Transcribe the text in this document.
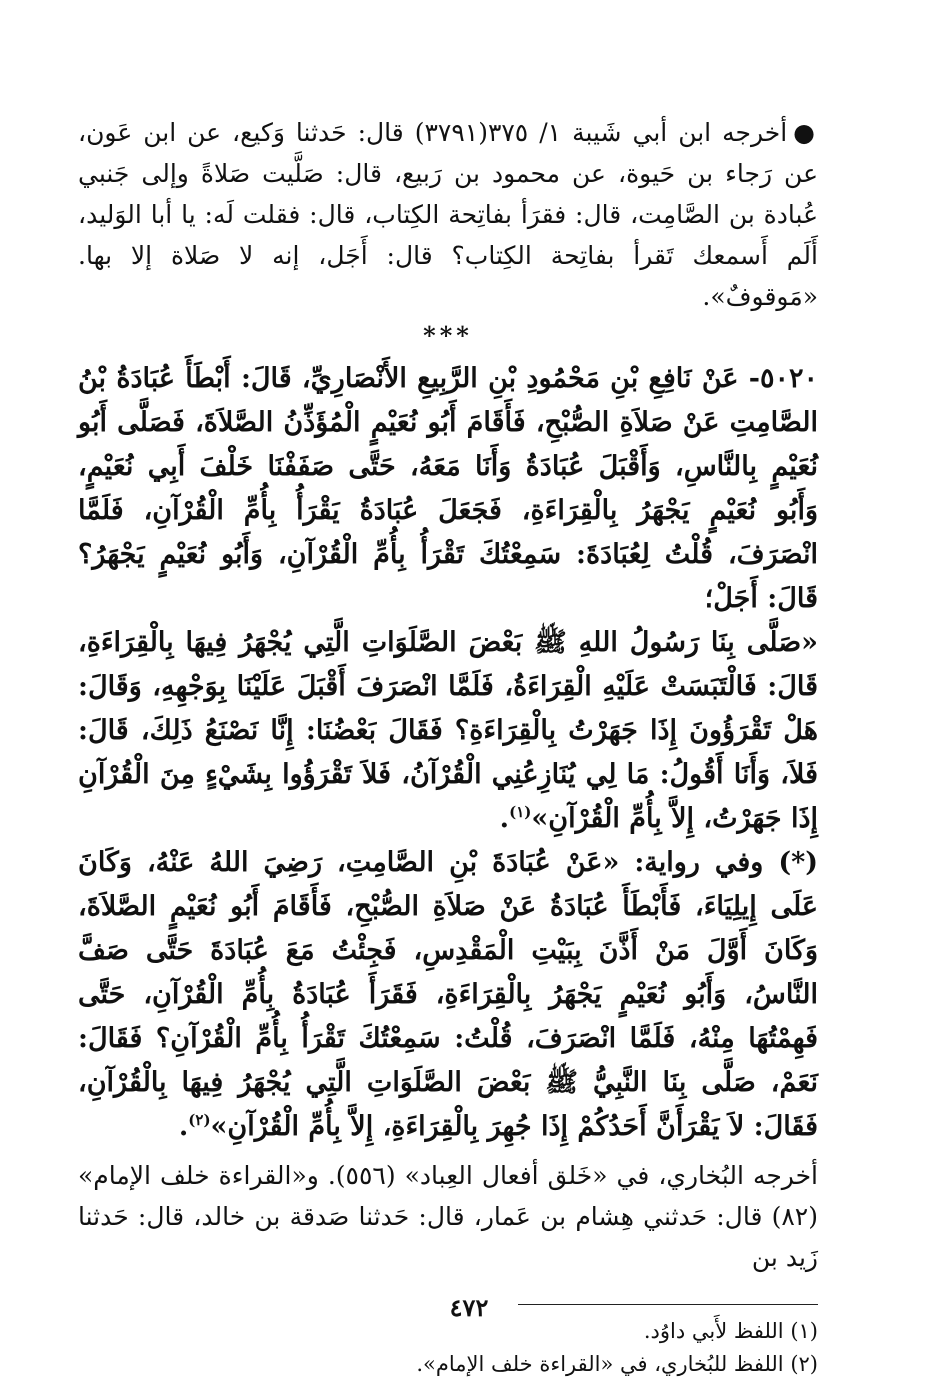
●أخرجه ابن أبي شَيبة ١/ ٣٧٥(٣٧٩١) قال: حَدثنا وَكيع، عن ابن عَون، عن رَجاء بن حَيوة، عن محمود بن رَبيع، قال: صَلَّيت صَلاةً وإلى جَنبي عُبادة بن الصَّامِت، قال: فقرَأ بفاتِحة الكِتاب، قال: فقلت لَه: يا أبا الوَليد، أَلَم أَسمعك تَقرأ بفاتِحة الكِتاب؟ قال: أَجَل، إنه لا صَلاة إلا بها. «مَوقوفٌ».

***

٥٠٢٠- عَنْ نَافِعِ بْنِ مَحْمُودِ بْنِ الرَّبِيعِ الأَنْصَارِيِّ، قَالَ: أَبْطَأَ عُبَادَةُ بْنُ الصَّامِتِ عَنْ صَلاَةِ الصُّبْحِ، فَأَقَامَ أَبُو نُعَيْمٍ الْمُؤَذِّنُ الصَّلاَةَ، فَصَلَّى أَبُو نُعَيْمٍ بِالنَّاسِ، وَأَقْبَلَ عُبَادَةُ وَأَنَا مَعَهُ، حَتَّى صَفَفْنَا خَلْفَ أَبِي نُعَيْمٍ، وَأَبُو نُعَيْمٍ يَجْهَرُ بِالْقِرَاءَةِ، فَجَعَلَ عُبَادَةُ يَقْرَأُ بِأُمِّ الْقُرْآنِ، فَلَمَّا انْصَرَفَ، قُلْتُ لِعُبَادَةَ: سَمِعْتُكَ تَقْرَأُ بِأُمِّ الْقُرْآنِ، وَأَبُو نُعَيْمٍ يَجْهَرُ؟ قَالَ: أَجَلْ؛

«صَلَّى بِنَا رَسُولُ اللهِ ﷺ بَعْضَ الصَّلَوَاتِ الَّتِي يُجْهَرُ فِيهَا بِالْقِرَاءَةِ، قَالَ: فَالْتَبَسَتْ عَلَيْهِ الْقِرَاءَةُ، فَلَمَّا انْصَرَفَ أَقْبَلَ عَلَيْنَا بِوَجْهِهِ، وَقَالَ: هَلْ تَقْرَؤُونَ إِذَا جَهَرْتُ بِالْقِرَاءَةِ؟ فَقَالَ بَعْضُنَا: إِنَّا نَصْنَعُ ذَلِكَ، قَالَ: فَلاَ، وَأَنَا أَقُولُ: مَا لِي يُنَازِعُنِي الْقُرْآنُ، فَلاَ تَقْرَؤُوا بِشَيْءٍ مِنَ الْقُرْآنِ إِذَا جَهَرْتُ، إِلاَّ بِأُمِّ الْقُرْآنِ»$^{(١)}$.

(*) وفي رواية: «عَنْ عُبَادَةَ بْنِ الصَّامِتِ، رَضِيَ اللهُ عَنْهُ، وَكَانَ عَلَى إِيلِيَاءَ، فَأَبْطَأَ عُبَادَةُ عَنْ صَلاَةِ الصُّبْحِ، فَأَقَامَ أَبُو نُعَيْمٍ الصَّلاَةَ، وَكَانَ أَوَّلَ مَنْ أَذَّنَ بِبَيْتِ الْمَقْدِسِ، فَجِئْتُ مَعَ عُبَادَةَ حَتَّى صَفَّ النَّاسُ، وَأَبُو نُعَيْمٍ يَجْهَرُ بِالْقِرَاءَةِ، فَقَرَأَ عُبَادَةُ بِأُمِّ الْقُرْآنِ، حَتَّى فَهِمْتُهَا مِنْهُ، فَلَمَّا انْصَرَفَ، قُلْتُ: سَمِعْتُكَ تَقْرَأُ بِأُمِّ الْقُرْآنِ؟ فَقَالَ: نَعَمْ، صَلَّى بِنَا النَّبِيُّ ﷺ بَعْضَ الصَّلَوَاتِ الَّتِي يُجْهَرُ فِيهَا بِالْقُرْآنِ، فَقَالَ: لاَ يَقْرَأَنَّ أَحَدُكُمْ إِذَا جُهِرَ بِالْقِرَاءَةِ، إِلاَّ بِأُمِّ الْقُرْآنِ»$^{(٢)}$.

أخرجه البُخاري، في «خَلق أفعال العِباد» (٥٥٦). و«القراءة خلف الإمام» (٨٢) قال: حَدثني هِشام بن عَمار، قال: حَدثنا صَدقة بن خالد، قال: حَدثنا زَيد بن

(١) اللفظ لأَبي داوُد.

(٢) اللفظ للبُخاري، في «القراءة خلف الإمام».

٤٧٢
